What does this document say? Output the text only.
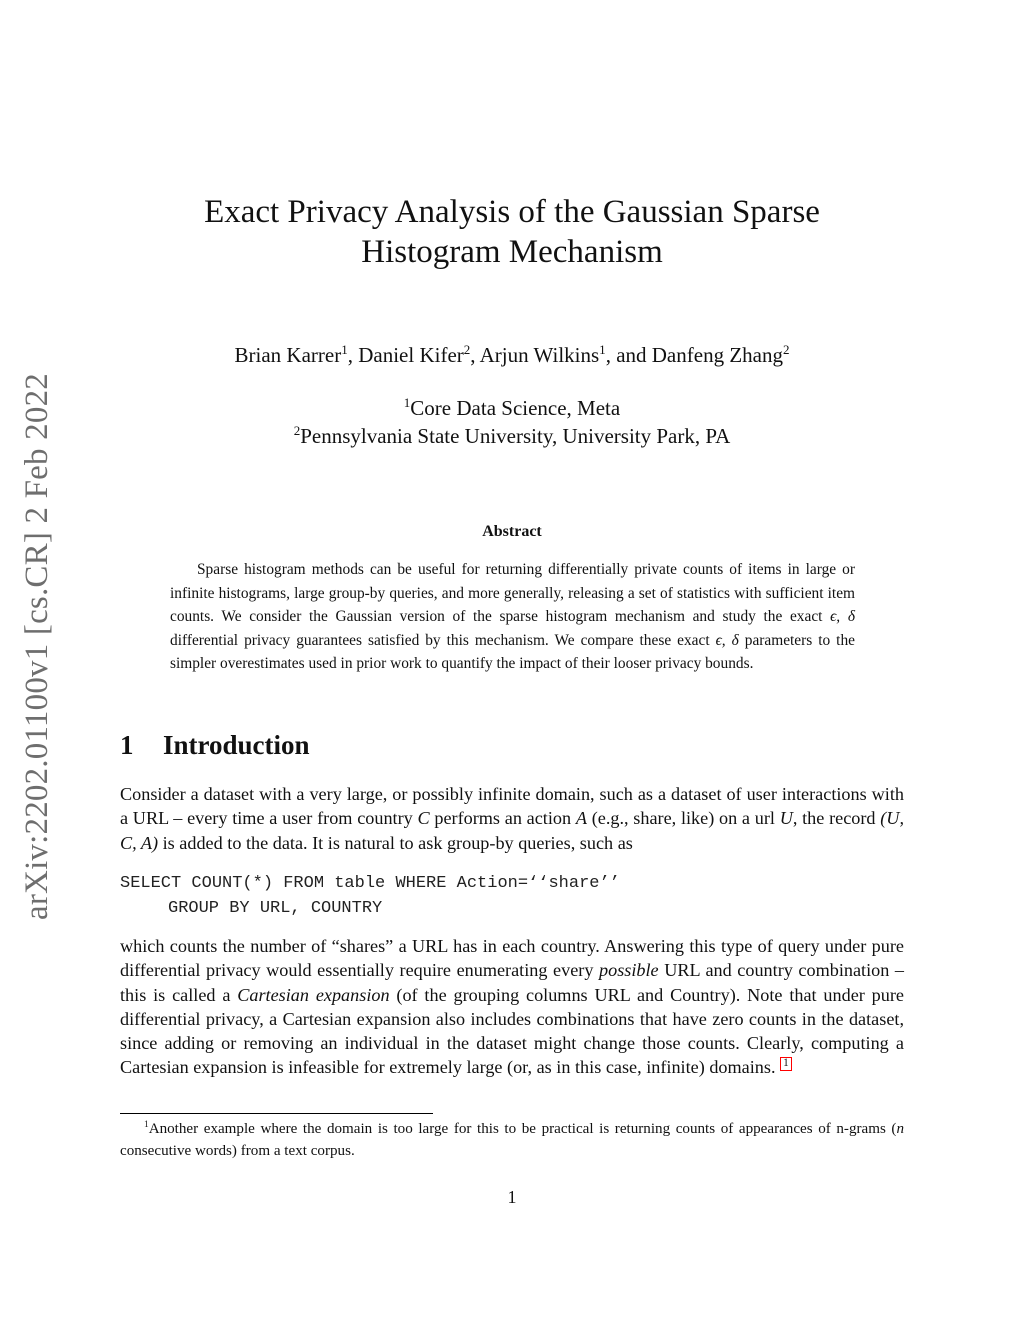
arXiv:2202.01100v1 [cs.CR] 2 Feb 2022
Exact Privacy Analysis of the Gaussian Sparse
Histogram Mechanism
Brian Karrer$^1$, Daniel Kifer$^2$, Arjun Wilkins$^1$, and Danfeng Zhang$^2$
$^1$Core Data Science, Meta
$^2$Pennsylvania State University, University Park, PA
Abstract
Sparse histogram methods can be useful for returning differentially private counts of items in large or infinite histograms, large group-by queries, and more generally, releasing a set of statistics with sufficient item counts. We consider the Gaussian version of the sparse histogram mechanism and study the exact ϵ, δ differential privacy guarantees satisfied by this mechanism. We compare these exact ϵ, δ parameters to the simpler overestimates used in prior work to quantify the impact of their looser privacy bounds.
1 Introduction
Consider a dataset with a very large, or possibly infinite domain, such as a dataset of user interactions with a URL – every time a user from country C performs an action A (e.g., share, like) on a url U, the record (U, C, A) is added to the data. It is natural to ask group-by queries, such as
SELECT COUNT(*) FROM table WHERE Action=‘‘share’’
GROUP BY URL, COUNTRY
which counts the number of “shares” a URL has in each country. Answering this type of query under pure differential privacy would essentially require enumerating every possible URL and country combination – this is called a Cartesian expansion (of the grouping columns URL and Country). Note that under pure differential privacy, a Cartesian expansion also includes combinations that have zero counts in the dataset, since adding or removing an individual in the dataset might change those counts. Clearly, computing a Cartesian expansion is infeasible for extremely large (or, as in this case, infinite) domains. 1
$^1$Another example where the domain is too large for this to be practical is returning counts of appearances of n-grams (n consecutive words) from a text corpus.
1
